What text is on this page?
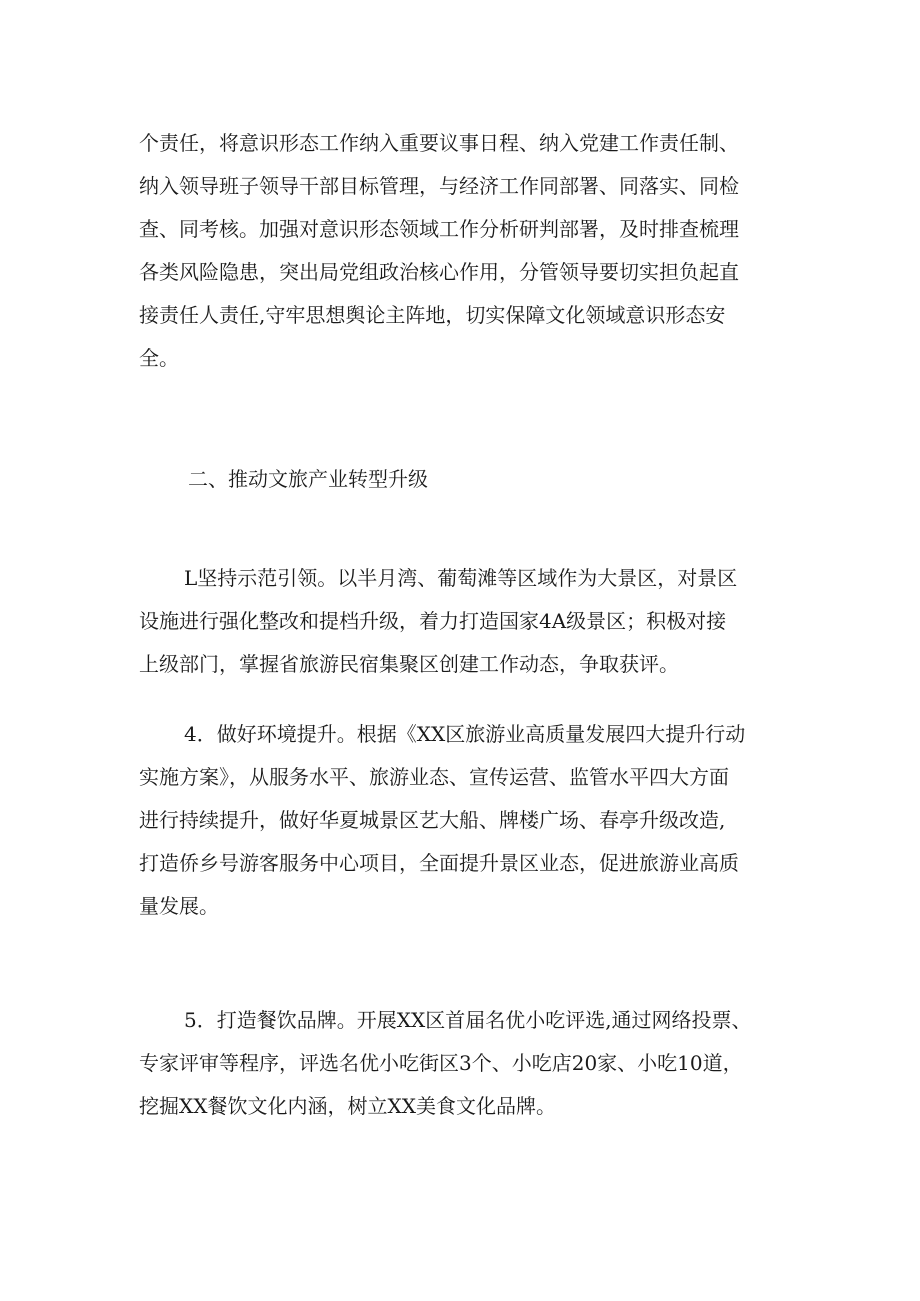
个责任，将意识形态工作纳入重要议事日程、纳入党建工作责任制、
纳入领导班子领导干部目标管理，与经济工作同部署、同落实、同检
查、同考核。加强对意识形态领域工作分析研判部署，及时排查梳理
各类风险隐患，突出局党组政治核心作用，分管领导要切实担负起直
接责任人责任,守牢思想舆论主阵地，切实保障文化领域意识形态安
全。
二、推动文旅产业转型升级
L坚持示范引领。以半月湾、葡萄滩等区域作为大景区，对景区
设施进行强化整改和提档升级，着力打造国家4A级景区；积极对接
上级部门，掌握省旅游民宿集聚区创建工作动态，争取获评。
4．做好环境提升。根据《XX区旅游业高质量发展四大提升行动
实施方案》，从服务水平、旅游业态、宣传运营、监管水平四大方面
进行持续提升，做好华夏城景区艺大船、牌楼广场、春亭升级改造,
打造侨乡号游客服务中心项目，全面提升景区业态，促进旅游业高质
量发展。
5．打造餐饮品牌。开展XX区首届名优小吃评选,通过网络投票、
专家评审等程序，评选名优小吃街区3个、小吃店20家、小吃10道，
挖掘XX餐饮文化内涵，树立XX美食文化品牌。
